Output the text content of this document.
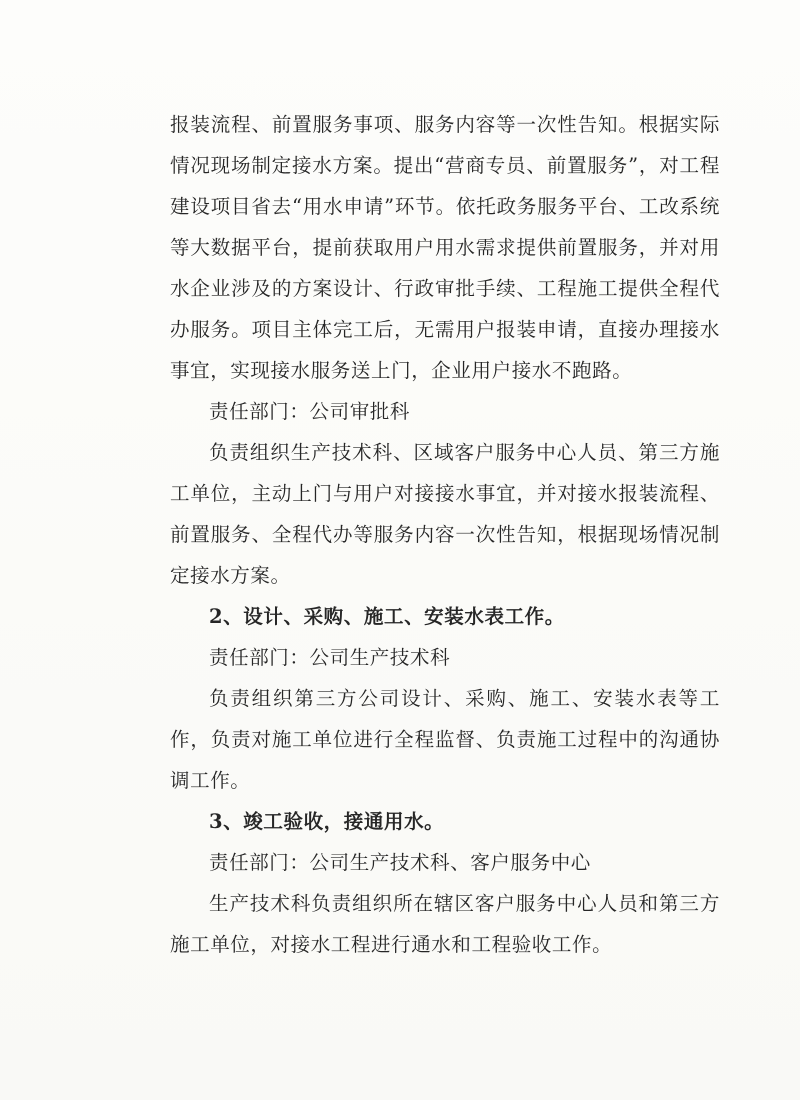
报装流程、前置服务事项、服务内容等一次性告知。根据实际情况现场制定接水方案。提出“营商专员、前置服务”，对工程建设项目省去“用水申请”环节。依托政务服务平台、工改系统等大数据平台，提前获取用户用水需求提供前置服务，并对用水企业涉及的方案设计、行政审批手续、工程施工提供全程代办服务。项目主体完工后，无需用户报装申请，直接办理接水事宜，实现接水服务送上门，企业用户接水不跑路。

责任部门：公司审批科

负责组织生产技术科、区域客户服务中心人员、第三方施工单位，主动上门与用户对接接水事宜，并对接水报装流程、前置服务、全程代办等服务内容一次性告知，根据现场情况制定接水方案。

2、设计、采购、施工、安装水表工作。

责任部门：公司生产技术科

负责组织第三方公司设计、采购、施工、安装水表等工作，负责对施工单位进行全程监督、负责施工过程中的沟通协调工作。

3、竣工验收，接通用水。

责任部门：公司生产技术科、客户服务中心

生产技术科负责组织所在辖区客户服务中心人员和第三方施工单位，对接水工程进行通水和工程验收工作。
